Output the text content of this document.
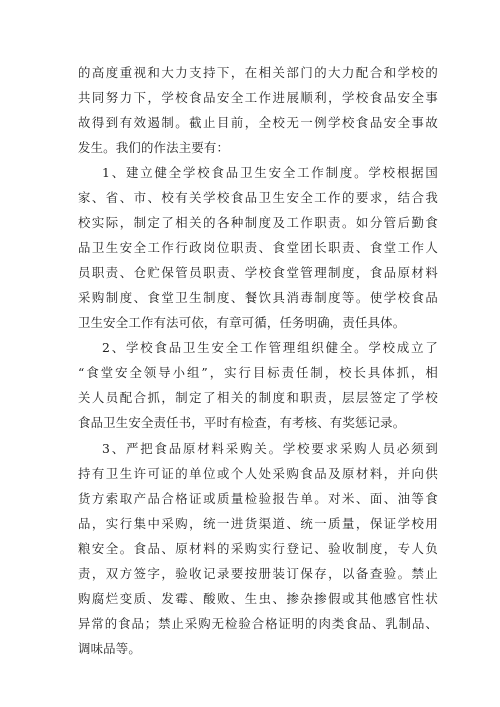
的高度重视和大力支持下，在相关部门的大力配合和学校的
共同努力下，学校食品安全工作进展顺利，学校食品安全事
故得到有效遏制。截止目前，全校无一例学校食品安全事故
发生。我们的作法主要有：
1、建立健全学校食品卫生安全工作制度。学校根据国
家、省、市、校有关学校食品卫生安全工作的要求，结合我
校实际，制定了相关的各种制度及工作职责。如分管后勤食
品卫生安全工作行政岗位职责、食堂团长职责、食堂工作人
员职责、仓贮保管员职责、学校食堂管理制度，食品原材料
采购制度、食堂卫生制度、餐饮具消毒制度等。使学校食品
卫生安全工作有法可依，有章可循，任务明确，责任具体。
2、学校食品卫生安全工作管理组织健全。学校成立了
“食堂安全领导小组”，实行目标责任制，校长具体抓，相
关人员配合抓，制定了相关的制度和职责，层层签定了学校
食品卫生安全责任书，平时有检查，有考核、有奖惩记录。
3、严把食品原材料采购关。学校要求采购人员必须到
持有卫生许可证的单位或个人处采购食品及原材料，并向供
货方索取产品合格证或质量检验报告单。对米、面、油等食
品，实行集中采购，统一进货渠道、统一质量，保证学校用
粮安全。食品、原材料的采购实行登记、验收制度，专人负
责，双方签字，验收记录要按册装订保存，以备查验。禁止
购腐烂变质、发霉、酸败、生虫、掺杂掺假或其他感官性状
异常的食品；禁止采购无检验合格证明的肉类食品、乳制品、
调味品等。
